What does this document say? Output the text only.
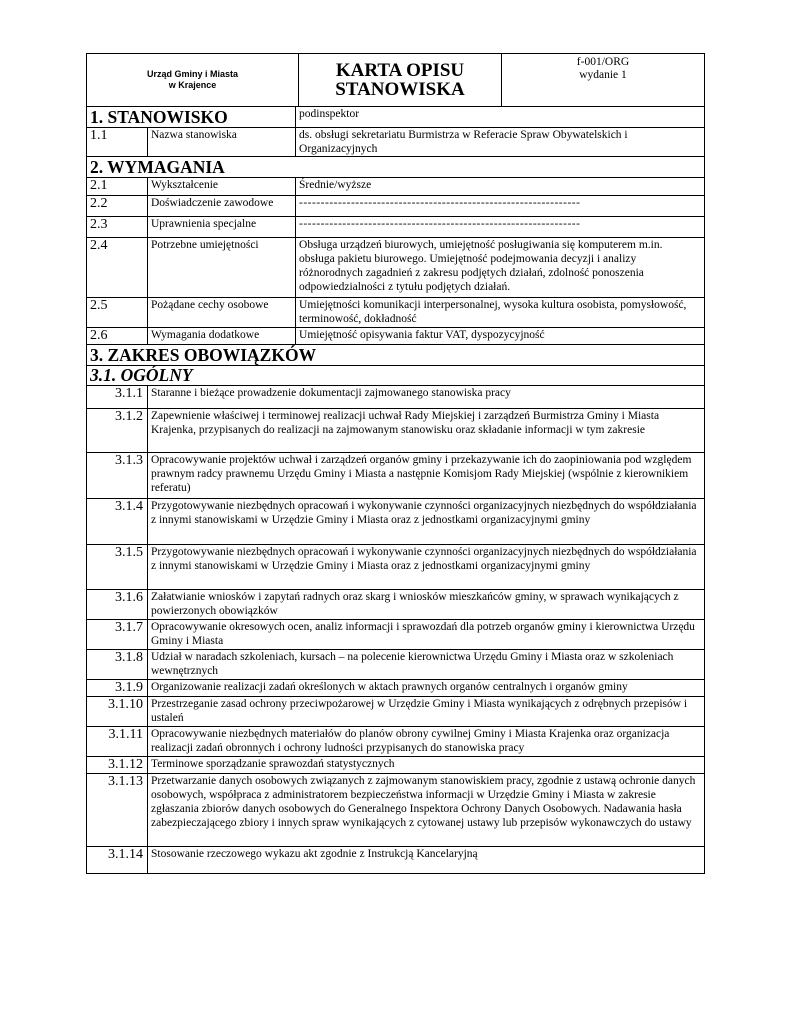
Urząd Gminy i Miasta
w Krajence

KARTA OPISU
STANOWISKA

f-001/ORG
wydanie 1
1. STANOWISKO		podinspektor
1.1	Nazwa stanowiska	ds. obsługi sekretariatu Burmistrza w Referacie Spraw Obywatelskich i Organizacyjnych
2. WYMAGANIA		
2.1	Wykształcenie	Średnie/wyższe
2.2	Doświadczenie zawodowe	-----------------------------------------------------------------
2.3	Uprawnienia specjalne	-----------------------------------------------------------------
2.4	Potrzebne umiejętności	Obsługa urządzeń biurowych, umiejętność posługiwania się komputerem m.in. obsługa pakietu biurowego. Umiejętność podejmowania decyzji i analizy różnorodnych zagadnień z zakresu podjętych działań, zdolność ponoszenia odpowiedzialności z tytułu podjętych działań.
2.5	Pożądane cechy osobowe	Umiejętności komunikacji interpersonalnej, wysoka kultura osobista, pomysłowość, terminowość, dokładność
2.6	Wymagania dodatkowe	Umiejętność opisywania faktur VAT, dyspozycyjność
3. ZAKRES OBOWIĄZKÓW		
3.1. OGÓLNY		
3.1.1	Staranne i bieżące prowadzenie dokumentacji zajmowanego stanowiska pracy	
3.1.2	Zapewnienie właściwej i terminowej realizacji uchwał Rady Miejskiej i zarządzeń Burmistrza Gminy i Miasta Krajenka, przypisanych do realizacji na zajmowanym stanowisku oraz składanie informacji w tym zakresie	
3.1.3	Opracowywanie projektów uchwał i zarządzeń organów gminy i przekazywanie ich do zaopiniowania pod względem prawnym radcy prawnemu Urzędu Gminy i Miasta a następnie Komisjom Rady Miejskiej (wspólnie z kierownikiem referatu)	
3.1.4	Przygotowywanie niezbędnych opracowań i wykonywanie czynności organizacyjnych niezbędnych do współdziałania z innymi stanowiskami w Urzędzie Gminy i Miasta oraz z jednostkami organizacyjnymi gminy	
3.1.5	Przygotowywanie niezbędnych opracowań i wykonywanie czynności organizacyjnych niezbędnych do współdziałania z innymi stanowiskami w Urzędzie Gminy i Miasta oraz z jednostkami organizacyjnymi gminy	
3.1.6	Załatwianie wniosków i zapytań radnych oraz skarg i wniosków mieszkańców gminy, w sprawach wynikających z powierzonych obowiązków	
3.1.7	Opracowywanie okresowych ocen, analiz informacji i sprawozdań dla potrzeb organów gminy i kierownictwa Urzędu Gminy i Miasta	
3.1.8	Udział w naradach szkoleniach, kursach – na polecenie kierownictwa Urzędu Gminy i Miasta oraz w szkoleniach wewnętrznych	
3.1.9	Organizowanie realizacji zadań określonych w aktach prawnych organów centralnych i organów gminy	
3.1.10	Przestrzeganie zasad ochrony przeciwpożarowej w Urzędzie Gminy i Miasta wynikających z odrębnych przepisów i ustaleń	
3.1.11	Opracowywanie niezbędnych materiałów do planów obrony cywilnej Gminy i Miasta Krajenka oraz organizacja realizacji zadań obronnych i ochrony ludności przypisanych do stanowiska pracy	
3.1.12	Terminowe sporządzanie sprawozdań statystycznych	
3.1.13	Przetwarzanie danych osobowych związanych z zajmowanym stanowiskiem pracy, zgodnie z ustawą ochronie danych osobowych, współpraca z administratorem bezpieczeństwa informacji w Urzędzie Gminy i Miasta w zakresie zgłaszania zbiorów danych osobowych do Generalnego Inspektora Ochrony Danych Osobowych. Nadawania hasła zabezpieczającego zbiory i innych spraw wynikających z cytowanej ustawy lub przepisów wykonawczych do ustawy	
3.1.14	Stosowanie rzeczowego wykazu akt zgodnie z Instrukcją Kancelaryjną	
